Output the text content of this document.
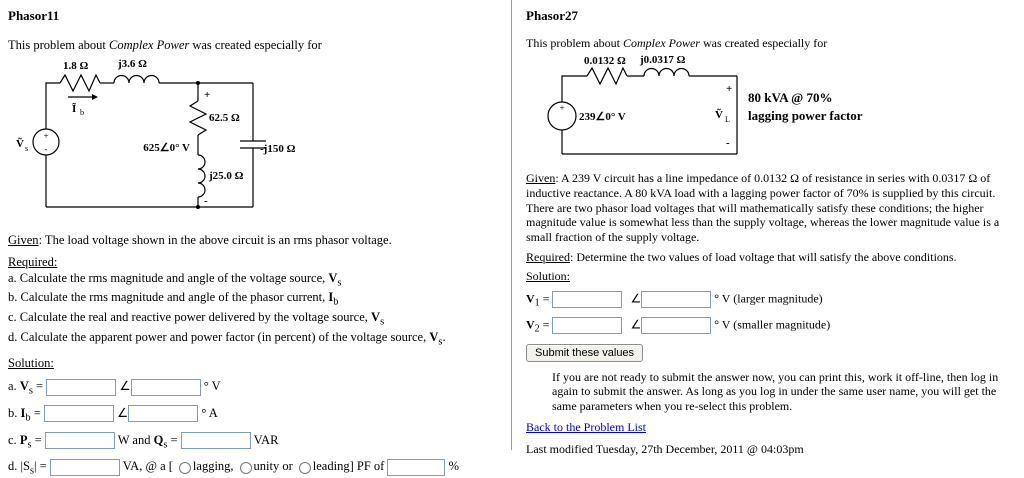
Phasor11

This problem about Complex Power was created especially for

1.8 Ω	j3.6 Ω
Ĩ b
+
62.5 Ω
625∠0° V
j25.0 Ω
-
-j150 Ω
Ṽ s
+
-

Given: The load voltage shown in the above circuit is an rms phasor voltage.

Required:

a. Calculate the rms magnitude and angle of the voltage source, $V_s$
b. Calculate the rms magnitude and angle of the phasor current, $I_b$
c. Calculate the real and reactive power delivered by the voltage source, $V_s$
d. Calculate the apparent power and power factor (in percent) of the voltage source, $V_s$.

Solution:

a. $V_s$ =	∠	° V
b. $I_b$ =	∠	° A
c. $P_s$ =	W and $Q_s$ =	VAR
d. $|S_s|$ =	VA, @ a [ lagging, unity or leading] PF of	%
Phasor27

This problem about Complex Power was created especially for

0.0132 Ω j0.0317 Ω
+
239∠0° V
+
Ṽ L
-
80 kVA @ 70%
lagging power factor

Given: A 239 V circuit has a line impedance of 0.0132 Ω of resistance in series with 0.0317 Ω of inductive reactance. A 80 kVA load with a lagging power factor of 70% is supplied by this circuit. There are two phasor load voltages that will mathematically satisfy these conditions; the higher magnitude value is somewhat less than the supply voltage, whereas the lower magnitude value is a small fraction of the supply voltage.

Required: Determine the two values of load voltage that will satisfy the above conditions.

Solution:

$V_1$ =	∠	° V (larger magnitude)
$V_2$ =	∠	° V (smaller magnitude)
Submit these values

If you are not ready to submit the answer now, you can print this, work it off-line, then log in again to submit the answer. As long as you log in under the same user name, you will get the same parameters when you re-select this problem.

Back to the Problem List

Last modified Tuesday, 27th December, 2011 @ 04:03pm
